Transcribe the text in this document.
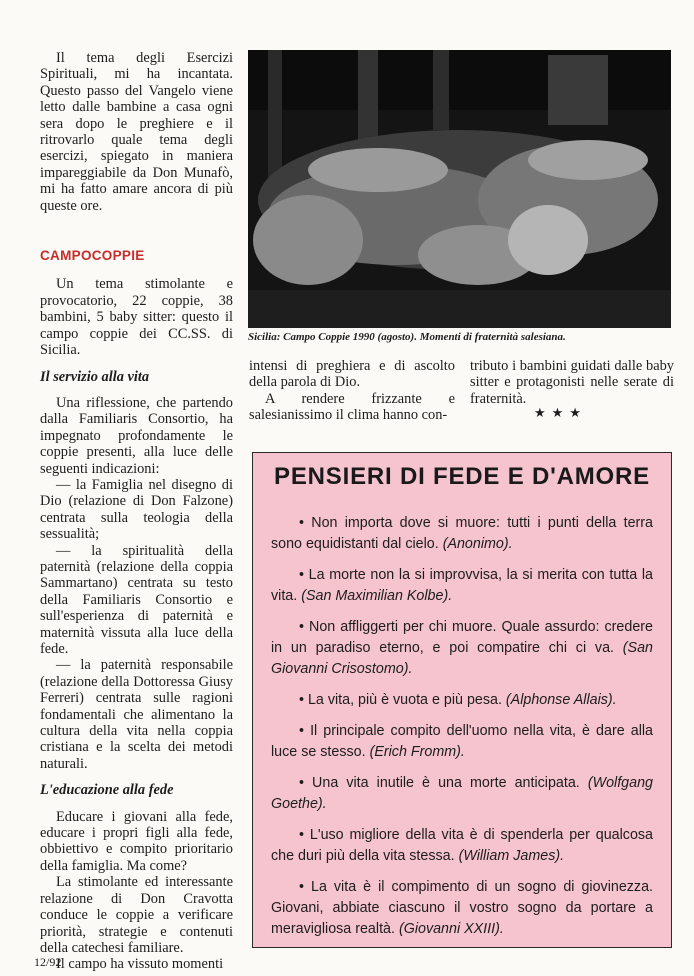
Il tema degli Esercizi Spirituali, mi ha incantata. Questo passo del Vangelo viene letto dalle bambine a casa ogni sera dopo le preghiere e il ritrovarlo quale tema degli esercizi, spiegato in maniera impareggiabile da Don Munafò, mi ha fatto amare ancora di più queste ore.

CAMPOCOPPIE

Un tema stimolante e provocatorio, 22 coppie, 38 bambini, 5 baby sitter: questo il campo coppie dei CC.SS. di Sicilia.

Il servizio alla vita

Una riflessione, che partendo dalla Familiaris Consortio, ha impegnato profondamente le coppie presenti, alla luce delle seguenti indicazioni:

— la Famiglia nel disegno di Dio (relazione di Don Falzone) centrata sulla teologia della sessualità;

— la spiritualità della paternità (relazione della coppia Sammartano) centrata su testo della Familiaris Consortio e sull'esperienza di paternità e maternità vissuta alla luce della fede.

— la paternità responsabile (relazione della Dottoressa Giusy Ferreri) centrata sulle ragioni fondamentali che alimentano la cultura della vita nella coppia cristiana e la scelta dei metodi naturali.

L'educazione alla fede

Educare i giovani alla fede, educare i propri figli alla fede, obbiettivo e compito prioritario della famiglia. Ma come?

La stimolante ed interessante relazione di Don Cravotta conduce le coppie a verificare priorità, strategie e contenuti della catechesi familiare.

Il campo ha vissuto momenti

Sicilia: Campo Coppie 1990 (agosto). Momenti di fraternità salesiana.

intensi di preghiera e di ascolto della parola di Dio.

A rendere frizzante e salesianissimo il clima hanno con-

tributo i bambini guidati dalle baby sitter e protagonisti nelle serate di fraternità.

★★★
PENSIERI DI FEDE E D'AMORE

• Non importa dove si muore: tutti i punti della terra sono equidistanti dal cielo. (Anonimo).

• La morte non la si improvvisa, la si merita con tutta la vita. (San Maximilian Kolbe).

• Non affliggerti per chi muore. Quale assurdo: credere in un paradiso eterno, e poi compatire chi ci va. (San Giovanni Crisostomo).

• La vita, più è vuota e più pesa. (Alphonse Allais).

• Il principale compito dell'uomo nella vita, è dare alla luce se stesso. (Erich Fromm).

• Una vita inutile è una morte anticipata. (Wolfgang Goethe).

• L'uso migliore della vita è di spenderla per qualcosa che duri più della vita stessa. (William James).

• La vita è il compimento di un sogno di giovinezza. Giovani, abbiate ciascuno il vostro sogno da portare a meravigliosa realtà. (Giovanni XXIII).

12/92
